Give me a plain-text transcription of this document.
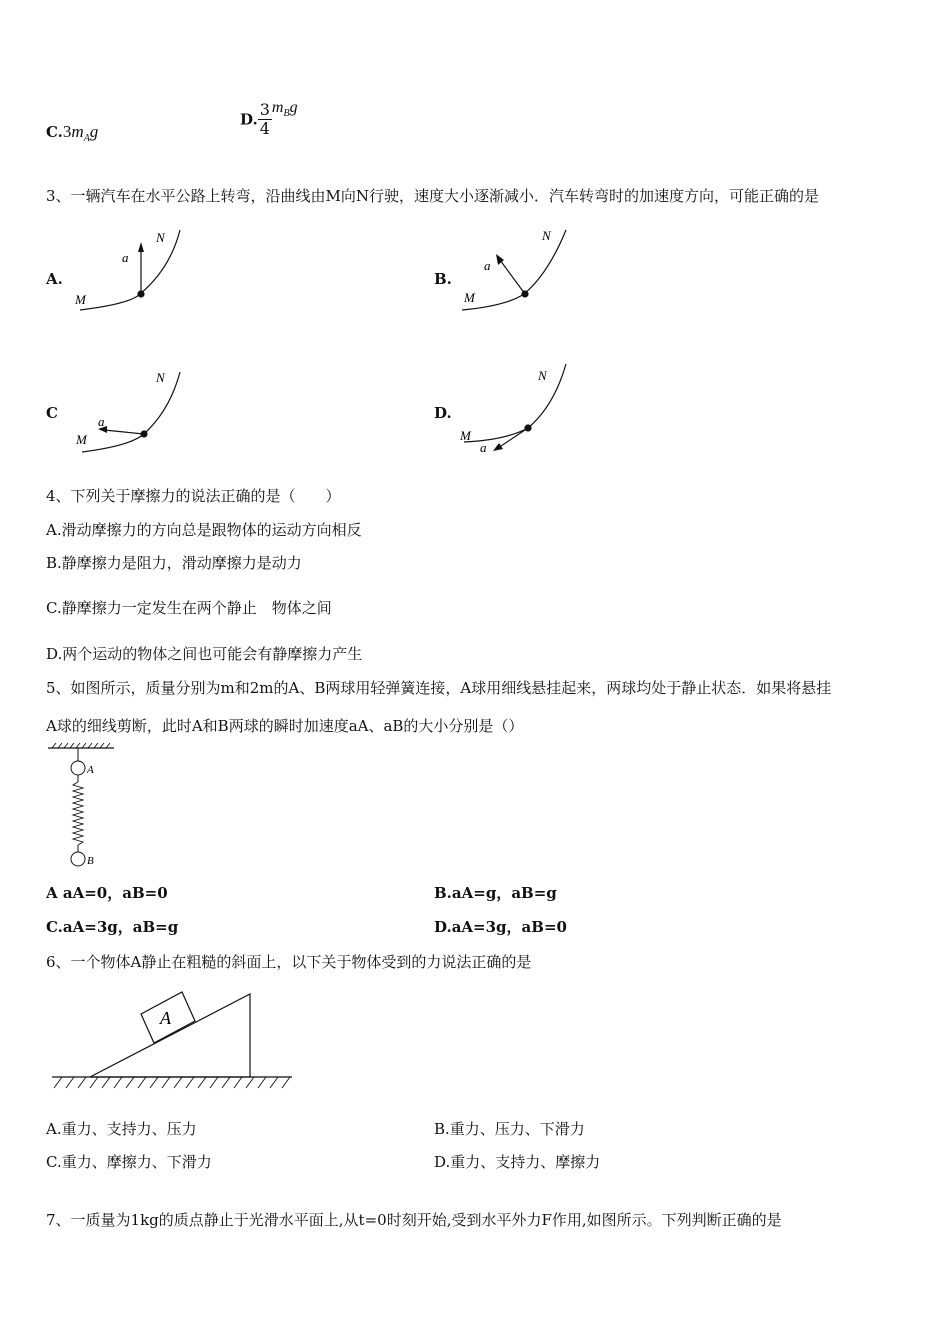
$C.3m_Ag$
D. $\frac{3}{4} m_Bg$
3、一辆汽车在水平公路上转弯，沿曲线由M向N行驶，速度大小逐渐减小．汽车转弯时的加速度方向，可能正确的是
A.
a
M
N
B.
a
M
N
C	a
M
N
D.
a
M
N
4、下列关于摩擦力的说法正确的是（　　）
A.滑动摩擦力的方向总是跟物体的运动方向相反
B.静摩擦力是阻力，滑动摩擦力是动力
C.静摩擦力一定发生在两个静止　物体之间
D.两个运动的物体之间也可能会有静摩擦力产生
5、如图所示，质量分别为m和2m的A、B两球用轻弹簧连接，A球用细线悬挂起来，两球均处于静止状态．如果将悬挂
A球的细线剪断，此时A和B两球的瞬时加速度aA、aB的大小分别是（）
A
B
A aA=0，aB=0	B.aA=g，aB=g
C.aA=3g，aB=g	D.aA=3g，aB=0
6、一个物体A静止在粗糙的斜面上，以下关于物体受到的力说法正确的是
A
A.重力、支持力、压力	B.重力、压力、下滑力
C.重力、摩擦力、下滑力	D.重力、支持力、摩擦力
7、一质量为1kg的质点静止于光滑水平面上,从t=0时刻开始,受到水平外力F作用,如图所示。下列判断正确的是
